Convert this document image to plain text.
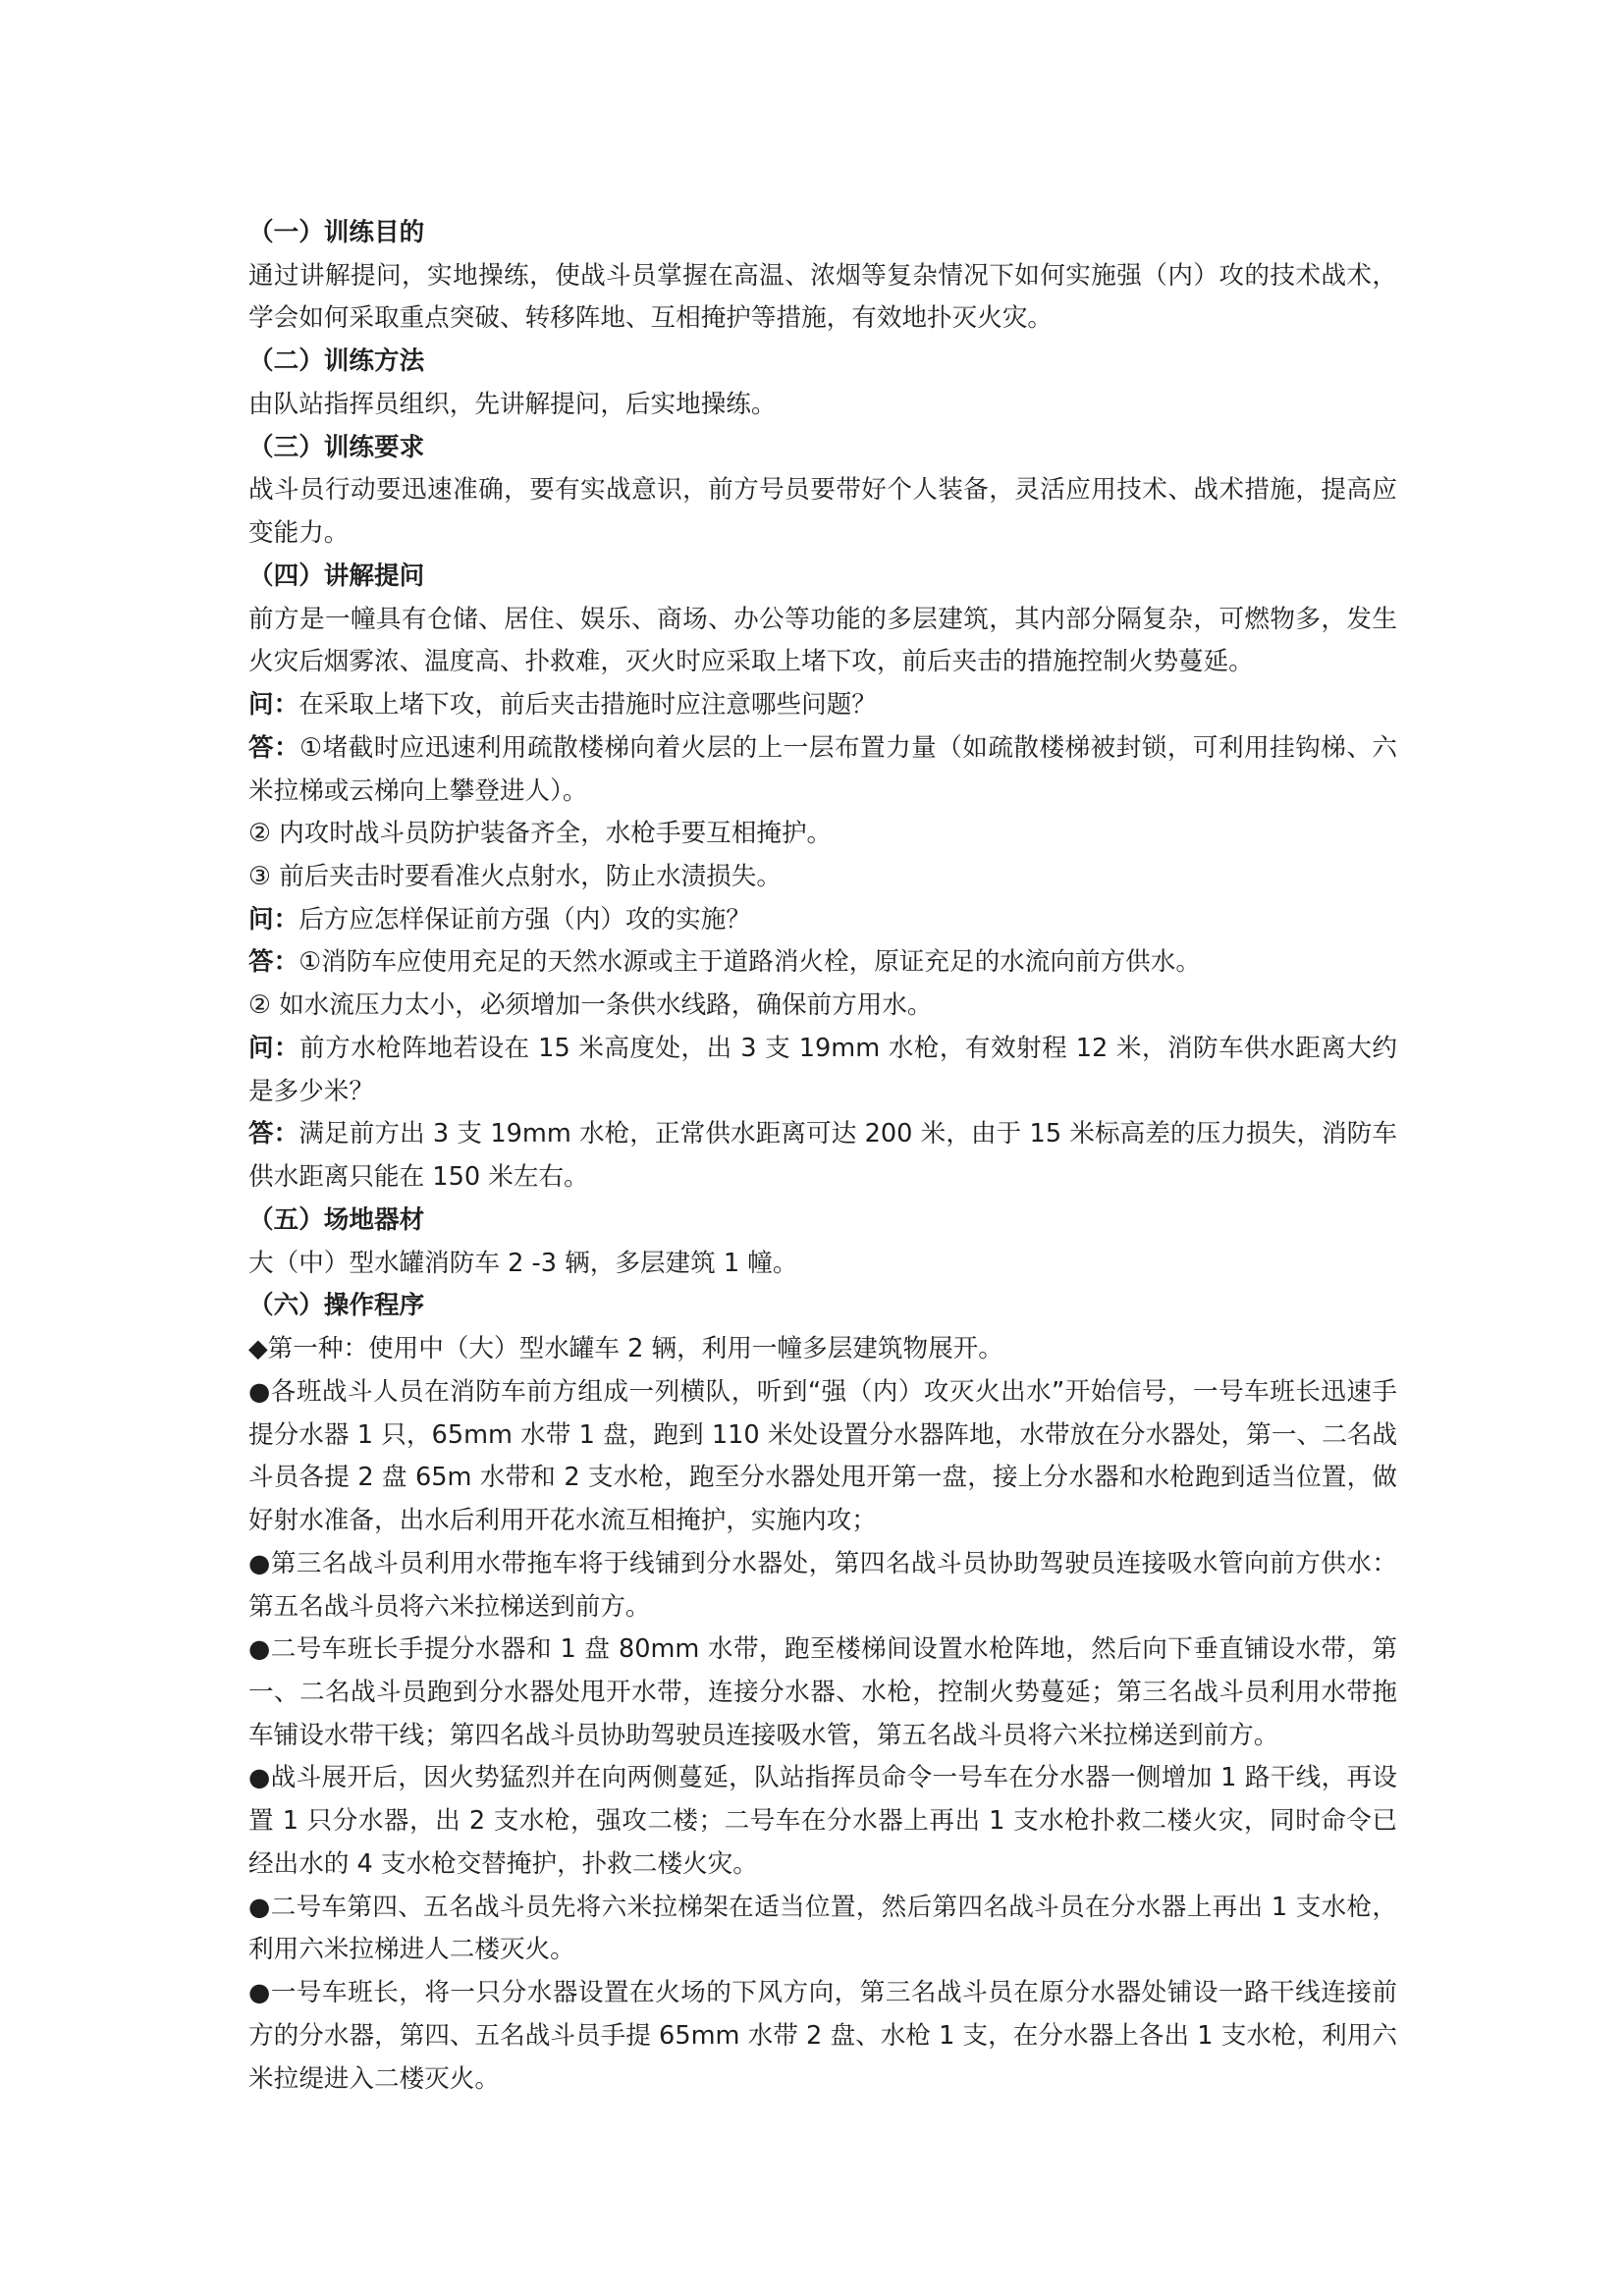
（一）训练目的

通过讲解提问，实地操练，使战斗员掌握在高温、浓烟等复杂情况下如何实施强（内）攻的技术战术，学会如何采取重点突破、转移阵地、互相掩护等措施，有效地扑灭火灾。

（二）训练方法

由队站指挥员组织，先讲解提问，后实地操练。

（三）训练要求

战斗员行动要迅速准确，要有实战意识，前方号员要带好个人装备，灵活应用技术、战术措施，提高应变能力。

（四）讲解提问

前方是一幢具有仓储、居住、娱乐、商场、办公等功能的多层建筑，其内部分隔复杂，可燃物多，发生火灾后烟雾浓、温度高、扑救难，灭火时应采取上堵下攻，前后夹击的措施控制火势蔓延。

问：在采取上堵下攻，前后夹击措施时应注意哪些问题？

答：①堵截时应迅速利用疏散楼梯向着火层的上一层布置力量（如疏散楼梯被封锁，可利用挂钩梯、六米拉梯或云梯向上攀登进人）。

② 内攻时战斗员防护装备齐全，水枪手要互相掩护。

③ 前后夹击时要看准火点射水，防止水渍损失。

问：后方应怎样保证前方强（内）攻的实施？

答：①消防车应使用充足的天然水源或主于道路消火栓，原证充足的水流向前方供水。

② 如水流压力太小，必须增加一条供水线路，确保前方用水。

问：前方水枪阵地若设在 15 米高度处，出 3 支 19mm 水枪，有效射程 12 米，消防车供水距离大约是多少米？

答：满足前方出 3 支 19mm 水枪，正常供水距离可达 200 米，由于 15 米标高差的压力损失，消防车供水距离只能在 150 米左右。

（五）场地器材

大（中）型水罐消防车 2 -3 辆，多层建筑 1 幢。

（六）操作程序

◆第一种：使用中（大）型水罐车 2 辆，利用一幢多层建筑物展开。

●各班战斗人员在消防车前方组成一列横队，听到“强（内）攻灭火出水”开始信号，一号车班长迅速手提分水器 1 只，65mm 水带 1 盘，跑到 110 米处设置分水器阵地，水带放在分水器处，第一、二名战斗员各提 2 盘 65m 水带和 2 支水枪，跑至分水器处甩开第一盘，接上分水器和水枪跑到适当位置，做好射水准备，出水后利用开花水流互相掩护，实施内攻；

●第三名战斗员利用水带拖车将于线铺到分水器处，第四名战斗员协助驾驶员连接吸水管向前方供水：第五名战斗员将六米拉梯送到前方。

●二号车班长手提分水器和 1 盘 80mm 水带，跑至楼梯间设置水枪阵地，然后向下垂直铺设水带，第一、二名战斗员跑到分水器处甩开水带，连接分水器、水枪，控制火势蔓延；第三名战斗员利用水带拖车铺设水带干线；第四名战斗员协助驾驶员连接吸水管，第五名战斗员将六米拉梯送到前方。

●战斗展开后，因火势猛烈并在向两侧蔓延，队站指挥员命令一号车在分水器一侧增加 1 路干线，再设置 1 只分水器，出 2 支水枪，强攻二楼；二号车在分水器上再出 1 支水枪扑救二楼火灾，同时命令已经出水的 4 支水枪交替掩护，扑救二楼火灾。

●二号车第四、五名战斗员先将六米拉梯架在适当位置，然后第四名战斗员在分水器上再出 1 支水枪，利用六米拉梯进人二楼灭火。

●一号车班长，将一只分水器设置在火场的下风方向，第三名战斗员在原分水器处铺设一路干线连接前方的分水器，第四、五名战斗员手提 65mm 水带 2 盘、水枪 1 支，在分水器上各出 1 支水枪，利用六米拉缇进入二楼灭火。
